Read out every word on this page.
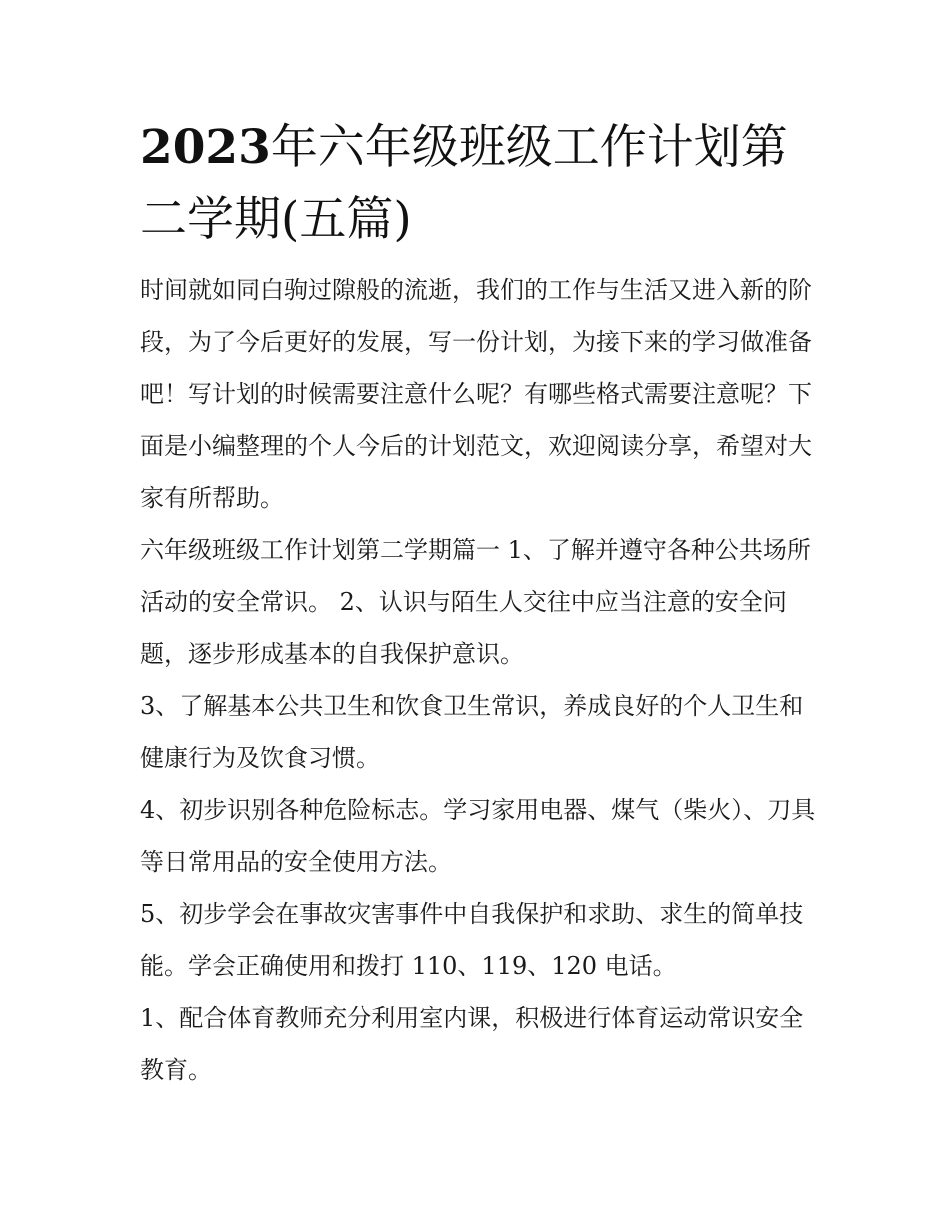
2023年六年级班级工作计划第二学期(五篇)

时间就如同白驹过隙般的流逝，我们的工作与生活又进入新的阶段，为了今后更好的发展，写一份计划，为接下来的学习做准备吧！写计划的时候需要注意什么呢？有哪些格式需要注意呢？下面是小编整理的个人今后的计划范文，欢迎阅读分享，希望对大家有所帮助。

六年级班级工作计划第二学期篇一 1、了解并遵守各种公共场所活动的安全常识。 2、认识与陌生人交往中应当注意的安全问题，逐步形成基本的自我保护意识。

3、了解基本公共卫生和饮食卫生常识，养成良好的个人卫生和健康行为及饮食习惯。

4、初步识别各种危险标志。学习家用电器、煤气（柴火）、刀具等日常用品的安全使用方法。

5、初步学会在事故灾害事件中自我保护和求助、求生的简单技能。学会正确使用和拨打 110、119、120 电话。

1、配合体育教师充分利用室内课，积极进行体育运动常识安全教育。
